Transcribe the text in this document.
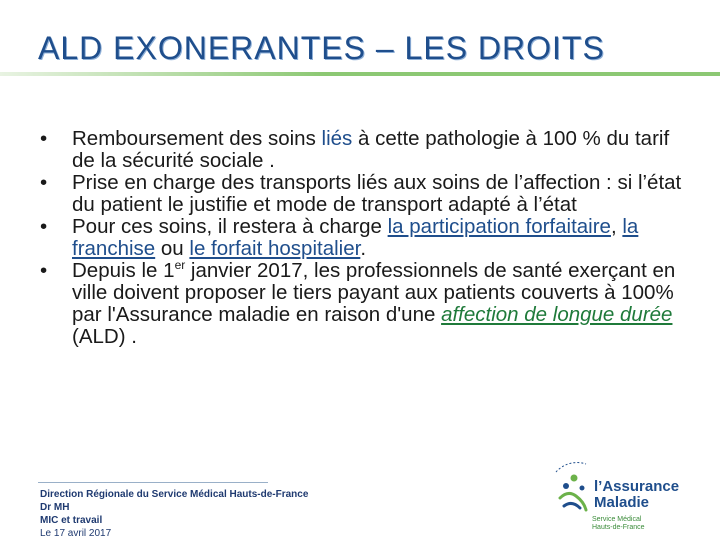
ALD EXONERANTES – LES DROITS
• Remboursement des soins liés à cette pathologie à 100 % du tarif de la sécurité sociale .
• Prise en charge des transports liés aux soins de l’affection : si l’état du patient le justifie et mode de transport adapté à l’état
• Pour ces soins, il restera à charge la participation forfaitaire, la franchise ou le forfait hospitalier.
• Depuis le 1er janvier 2017, les professionnels de santé exerçant en ville doivent proposer le tiers payant aux patients couverts à 100% par l'Assurance maladie en raison d'une affection de longue durée (ALD) .
Direction Régionale du Service Médical Hauts-de-France
Dr MH
MIC et travail
Le 17 avril 2017
l’Assurance
Maladie
Service Médical
Hauts-de-France
